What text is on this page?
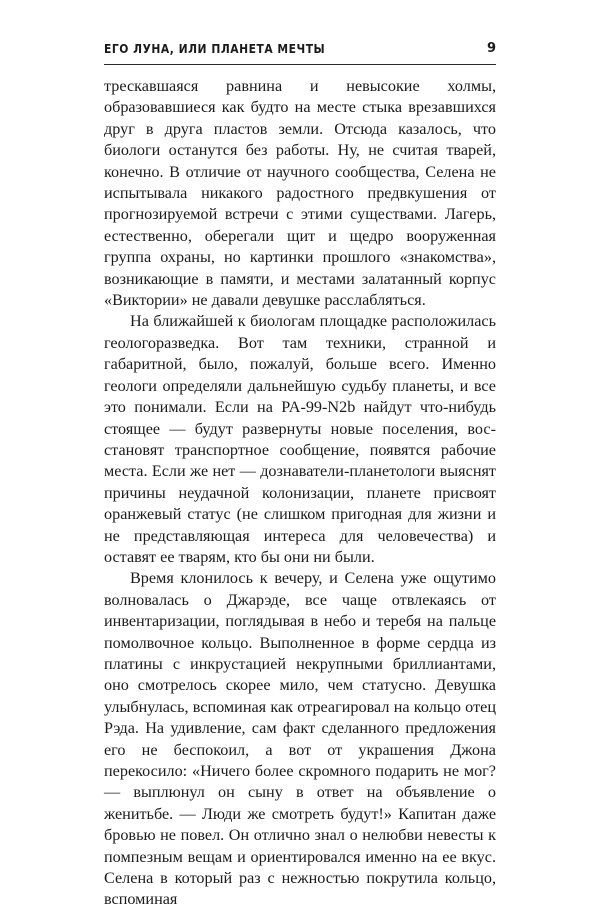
ЕГО ЛУНА, ИЛИ ПЛАНЕТА МЕЧТЫ	9

трескавшаяся равнина и невысокие холмы, образовавшиеся как будто на месте стыка врезавшихся друг в друга пластов земли. Отсюда казалось, что биологи останутся без работы. Ну, не считая тварей, конечно. В отличие от научного сообщества, Селена не испытывала никакого радостного предвкушения от прогнозируемой встречи с этими существами. Лагерь, естественно, оберегали щит и щедро вооруженная группа охраны, но картинки прошлого «знакомства», возникающие в памяти, и местами залатанный корпус «Виктории» не давали девушке расслабляться.

На ближайшей к биологам площадке расположилась геологоразведка. Вот там техники, странной и габаритной, было, пожалуй, больше всего. Именно геологи определяли дальнейшую судьбу планеты, и все это понимали. Если на PA-99-N2b найдут что-нибудь стоящее — будут развернуты новые поселения, восстановят транспортное сообщение, появятся рабочие места. Если же нет — дознаватели-планетологи выяснят причины неудачной колонизации, планете присвоят оранжевый статус (не слишком пригодная для жизни и не представляющая интереса для человечества) и оставят ее тварям, кто бы они ни были.

Время клонилось к вечеру, и Селена уже ощутимо волновалась о Джарэде, все чаще отвлекаясь от инвентаризации, поглядывая в небо и теребя на пальце помолвочное кольцо. Выполненное в форме сердца из платины с инкрустацией некрупными бриллиантами, оно смотрелось скорее мило, чем статусно. Девушка улыбнулась, вспоминая как отреагировал на кольцо отец Рэда. На удивление, сам факт сделанного предложения его не беспокоил, а вот от украшения Джона перекосило: «Ничего более скромного подарить не мог? — выплюнул он сыну в ответ на объявление о женитьбе. — Люди же смотреть будут!» Капитан даже бровью не повел. Он отлично знал о нелюбви невесты к помпезным вещам и ориентировался именно на ее вкус. Селена в который раз с нежностью покрутила кольцо, вспоминая
